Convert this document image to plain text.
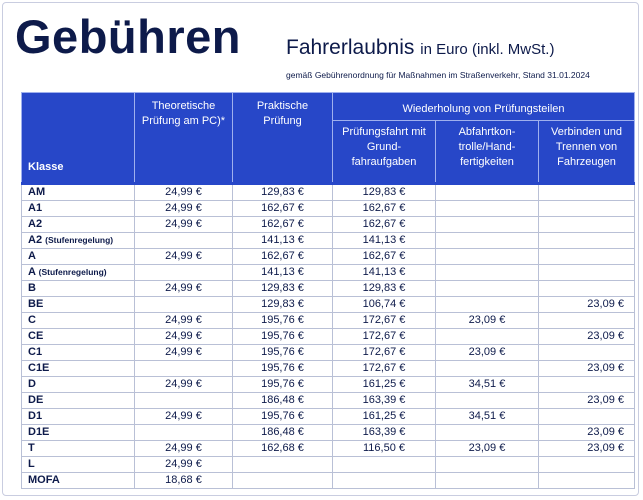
Gebühren Fahrerlaubnis in Euro (inkl. MwSt.)
gemäß Gebührenordnung für Maßnahmen im Straßenverkehr, Stand 31.01.2024
Klasse	Theoretische Prüfung am PC)*	Praktische Prüfung	Wiederholung von Prüfungsteilen		
			Prüfungsfahrt mit Grund-fahraufgaben	Abfahrtkon-trolle/Hand-fertigkeiten	Verbinden und Trennen von Fahrzeugen
AM	24,99 €	129,83 €	129,83 €		
A1	24,99 €	162,67 €	162,67 €		
A2	24,99 €	162,67 €	162,67 €		
A2 (Stufenregelung)		141,13 €	141,13 €		
A	24,99 €	162,67 €	162,67 €		
A (Stufenregelung)		141,13 €	141,13 €		
B	24,99 €	129,83 €	129,83 €		
BE		129,83 €	106,74 €		23,09 €
C	24,99 €	195,76 €	172,67 €	23,09 €	
CE	24,99 €	195,76 €	172,67 €		23,09 €
C1	24,99 €	195,76 €	172,67 €	23,09 €	
C1E		195,76 €	172,67 €		23,09 €
D	24,99 €	195,76 €	161,25 €	34,51 €	
DE		186,48 €	163,39 €		23,09 €
D1	24,99 €	195,76 €	161,25 €	34,51 €	
D1E		186,48 €	163,39 €		23,09 €
T	24,99 €	162,68 €	116,50 €	23,09 €	23,09 €
L	24,99 €				
MOFA	18,68 €				
